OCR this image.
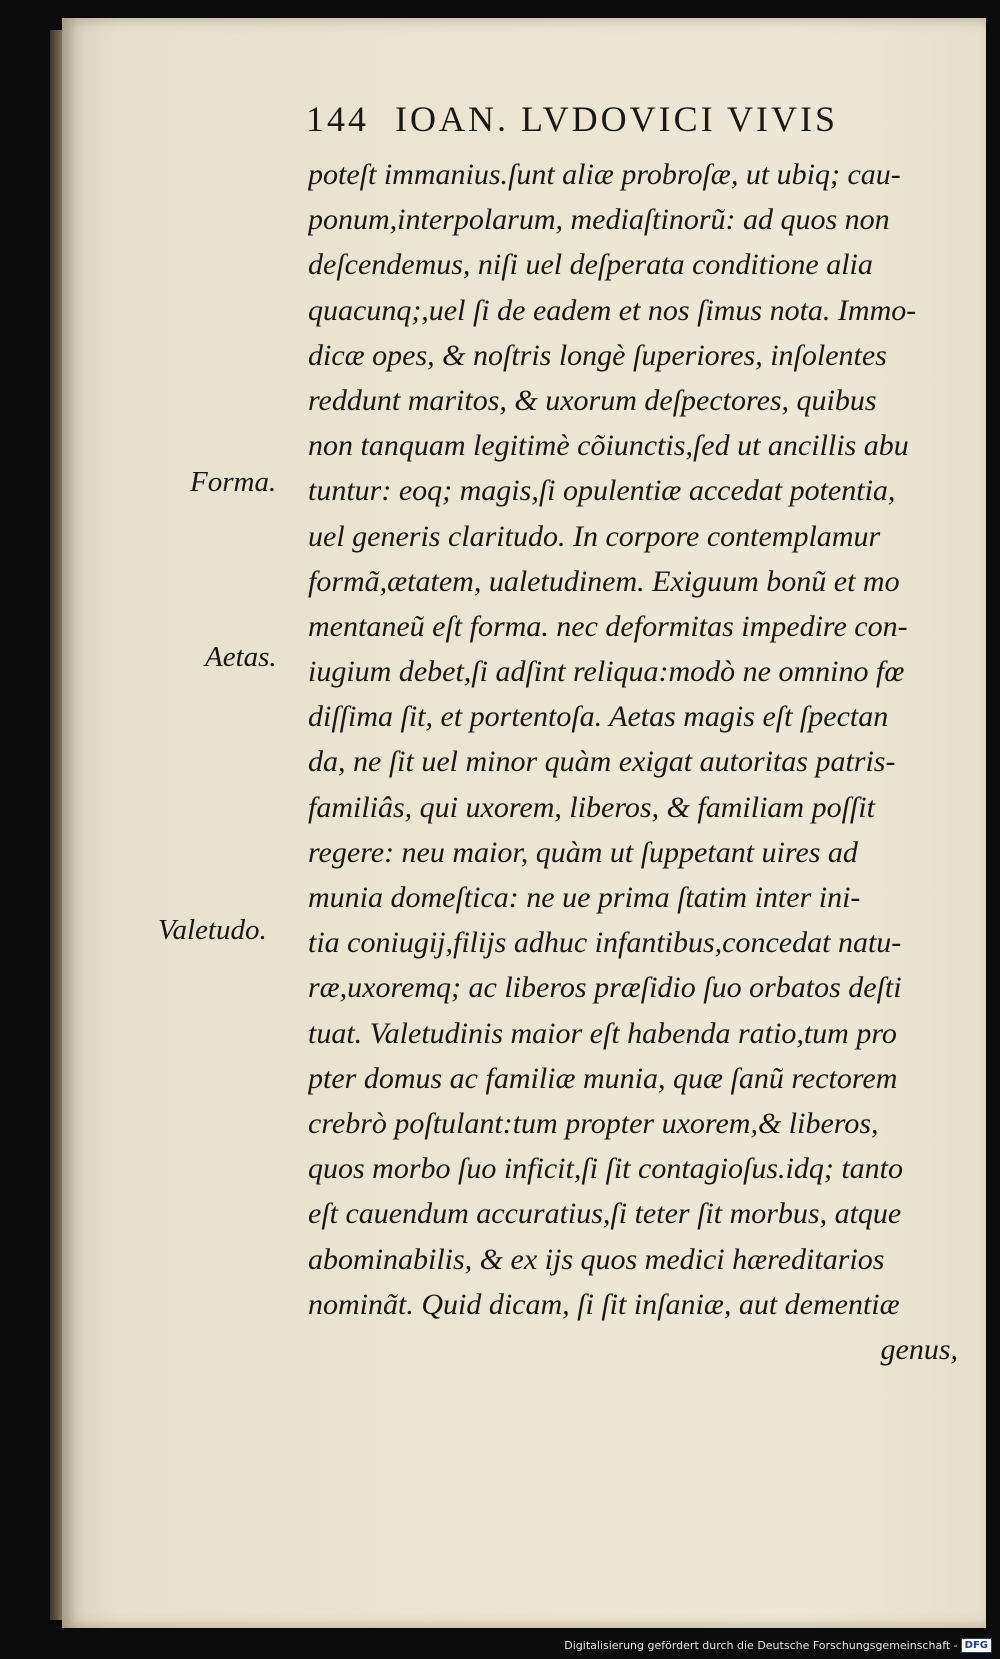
144 IOAN. LVDOVICI VIVIS
Forma.
Aetas.
Valetudo.
poteſt immanius.ſunt aliæ probroſæ, ut ubiq; cau-
ponum,interpolarum, mediaſtinorũ: ad quos non
deſcendemus, niſi uel deſperata conditione alia
quacunq;,uel ſi de eadem et nos ſimus nota. Immo-
dicæ opes, & noſtris longè ſuperiores, inſolentes
reddunt maritos, & uxorum deſpectores, quibus
non tanquam legitimè cõiunctis,ſed ut ancillis abu
tuntur: eoq; magis,ſi opulentiæ accedat potentia,
uel generis claritudo. In corpore contemplamur
formã,ætatem, ualetudinem. Exiguum bonũ et mo
mentaneũ eſt forma. nec deformitas impedire con-
iugium debet,ſi adſint reliqua:modò ne omnino fœ
diſſima ſit, et portentoſa. Aetas magis eſt ſpectan
da, ne ſit uel minor quàm exigat autoritas patris-
familiâs, qui uxorem, liberos, & familiam poſſit
regere: neu maior, quàm ut ſuppetant uires ad
munia domeſtica: ne ue prima ſtatim inter ini-
tia coniugij,filijs adhuc infantibus,concedat natu-
ræ,uxoremq; ac liberos præſidio ſuo orbatos deſti
tuat. Valetudinis maior eſt habenda ratio,tum pro
pter domus ac familiæ munia, quæ ſanũ rectorem
crebrò poſtulant:tum propter uxorem,& liberos,
quos morbo ſuo inficit,ſi ſit contagioſus.idq; tanto
eſt cauendum accuratius,ſi teter ſit morbus, atque
abominabilis, & ex ijs quos medici hæreditarios
nominãt. Quid dicam, ſi ſit inſaniæ, aut dementiæ
genus,
Digitalisierung gefördert durch die Deutsche Forschungsgemeinschaft - DFG
